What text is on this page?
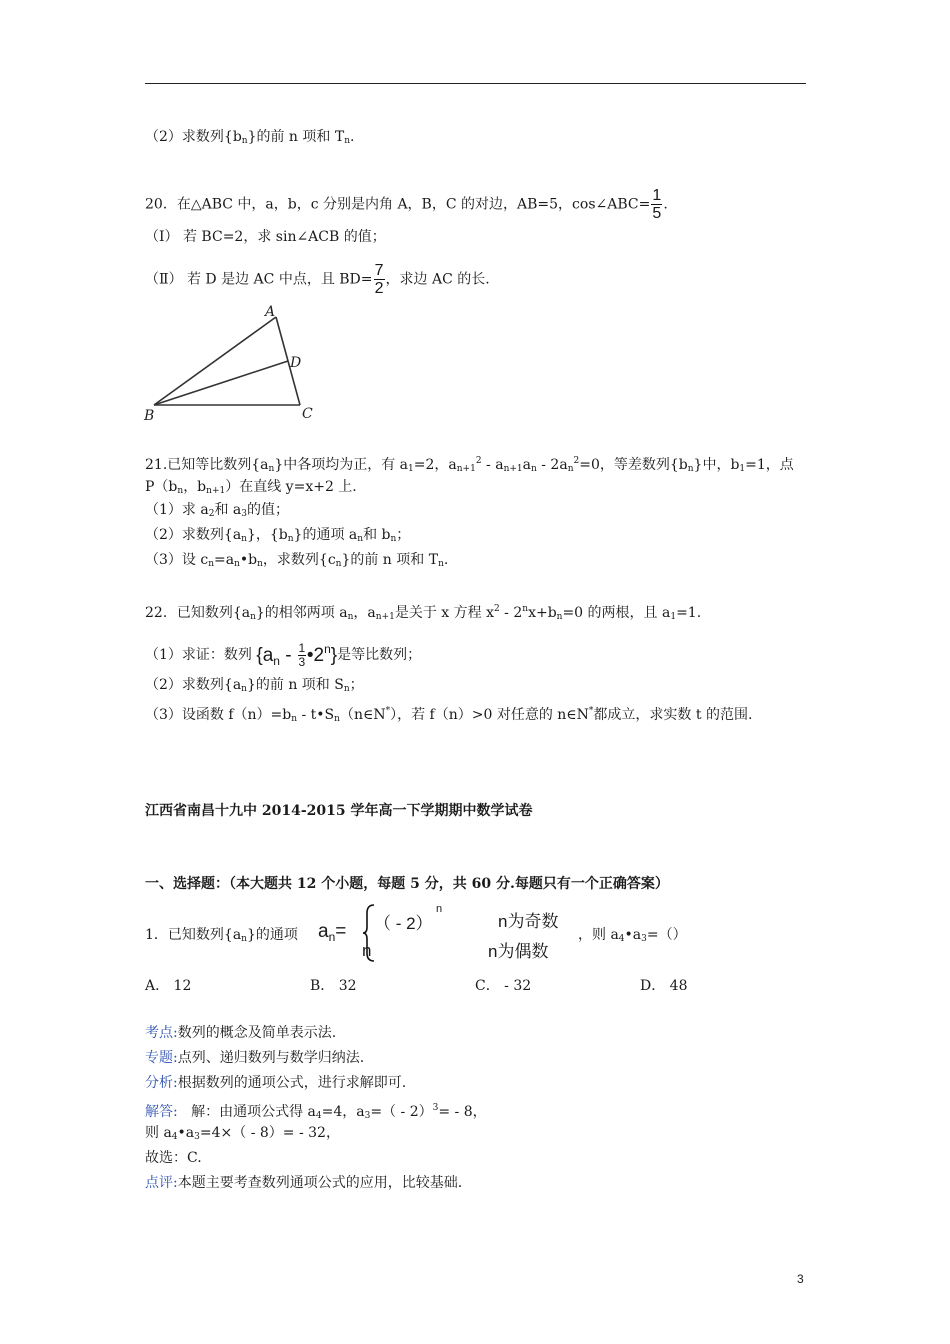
（2）求数列$\{b_n\}$的前 n 项和 $T_n$.
20．在△ABC 中，a，b，c 分别是内角 A，B，C 的对边，AB=5，cos∠ABC= $\frac{1}{5}$ .
（Ⅰ） 若 BC=2，求 sin∠ACB 的值；
（Ⅱ） 若 D 是边 AC 中点，且 $BD= \frac{7}{2}$ ，求边 AC 的长.
A
D
B	C
21.已知等比数列$\{a_n\}$中各项均为正，有 $a_1=2$，$a_{n+1}^2 - a_{n+1}a_n - 2a_n^2=0$，等差数列$\{b_n\}$中，$b_1=1$，点
$P(b_n$，$b_{n+1}$）在直线 y=x+2 上.
（1）求 $a_2$和 $a_3$的值；
（2）求数列$\{a_n\}$，$\{b_n\}$的通项 $a_n$和 $b_n$；
（3）设 $c_n=a_n•b_n$，求数列$\{c_n\}$的前 n 项和 $T_n$.
22．已知数列$\{a_n\}$的相邻两项 $a_n$，$a_{n+1}$是关于 x 方程 $x^2 - 2^nx+b_n=0$ 的两根，且 $a_1=1$.
（1）求证：数列 {$a_n - \frac{1}{3}$ •2$^n$}是等比数列；
（2）求数列$\{a_n\}$的前 n 项和 $S_n$；
（3）设函数 $f(n)=b_n$ - $t•S_n(n\in N^*)$，若 f（n）>0 对任意的 n∈N*都成立，求实数 t 的范围.
江西省南昌十九中 2014-2015 学年高一下学期期中数学试卷
一、选择题：（本大题共 12 个小题，每题 5 分，共 60 分.每题只有一个正确答案）
1．已知数列$\{a_n\}$的通项 $a_n=$ （ - 2）
n
n为奇数
n	n为偶数
，则 $a_4•a_3=()$
A． 12	B． 32	C． - 32	D． 48
考点:数列的概念及简单表示法.
专题:点列、递归数列与数学归纳法.
分析:根据数列的通项公式，进行求解即可.
解答:   解：由通项公式得 $a_4=4$，$a_3=( - 2)^3= - 8$，
则 $a_4•a_3=4\times( - 8)= - 32$，
故选：C.
点评:本题主要考查数列通项公式的应用，比较基础.
3
